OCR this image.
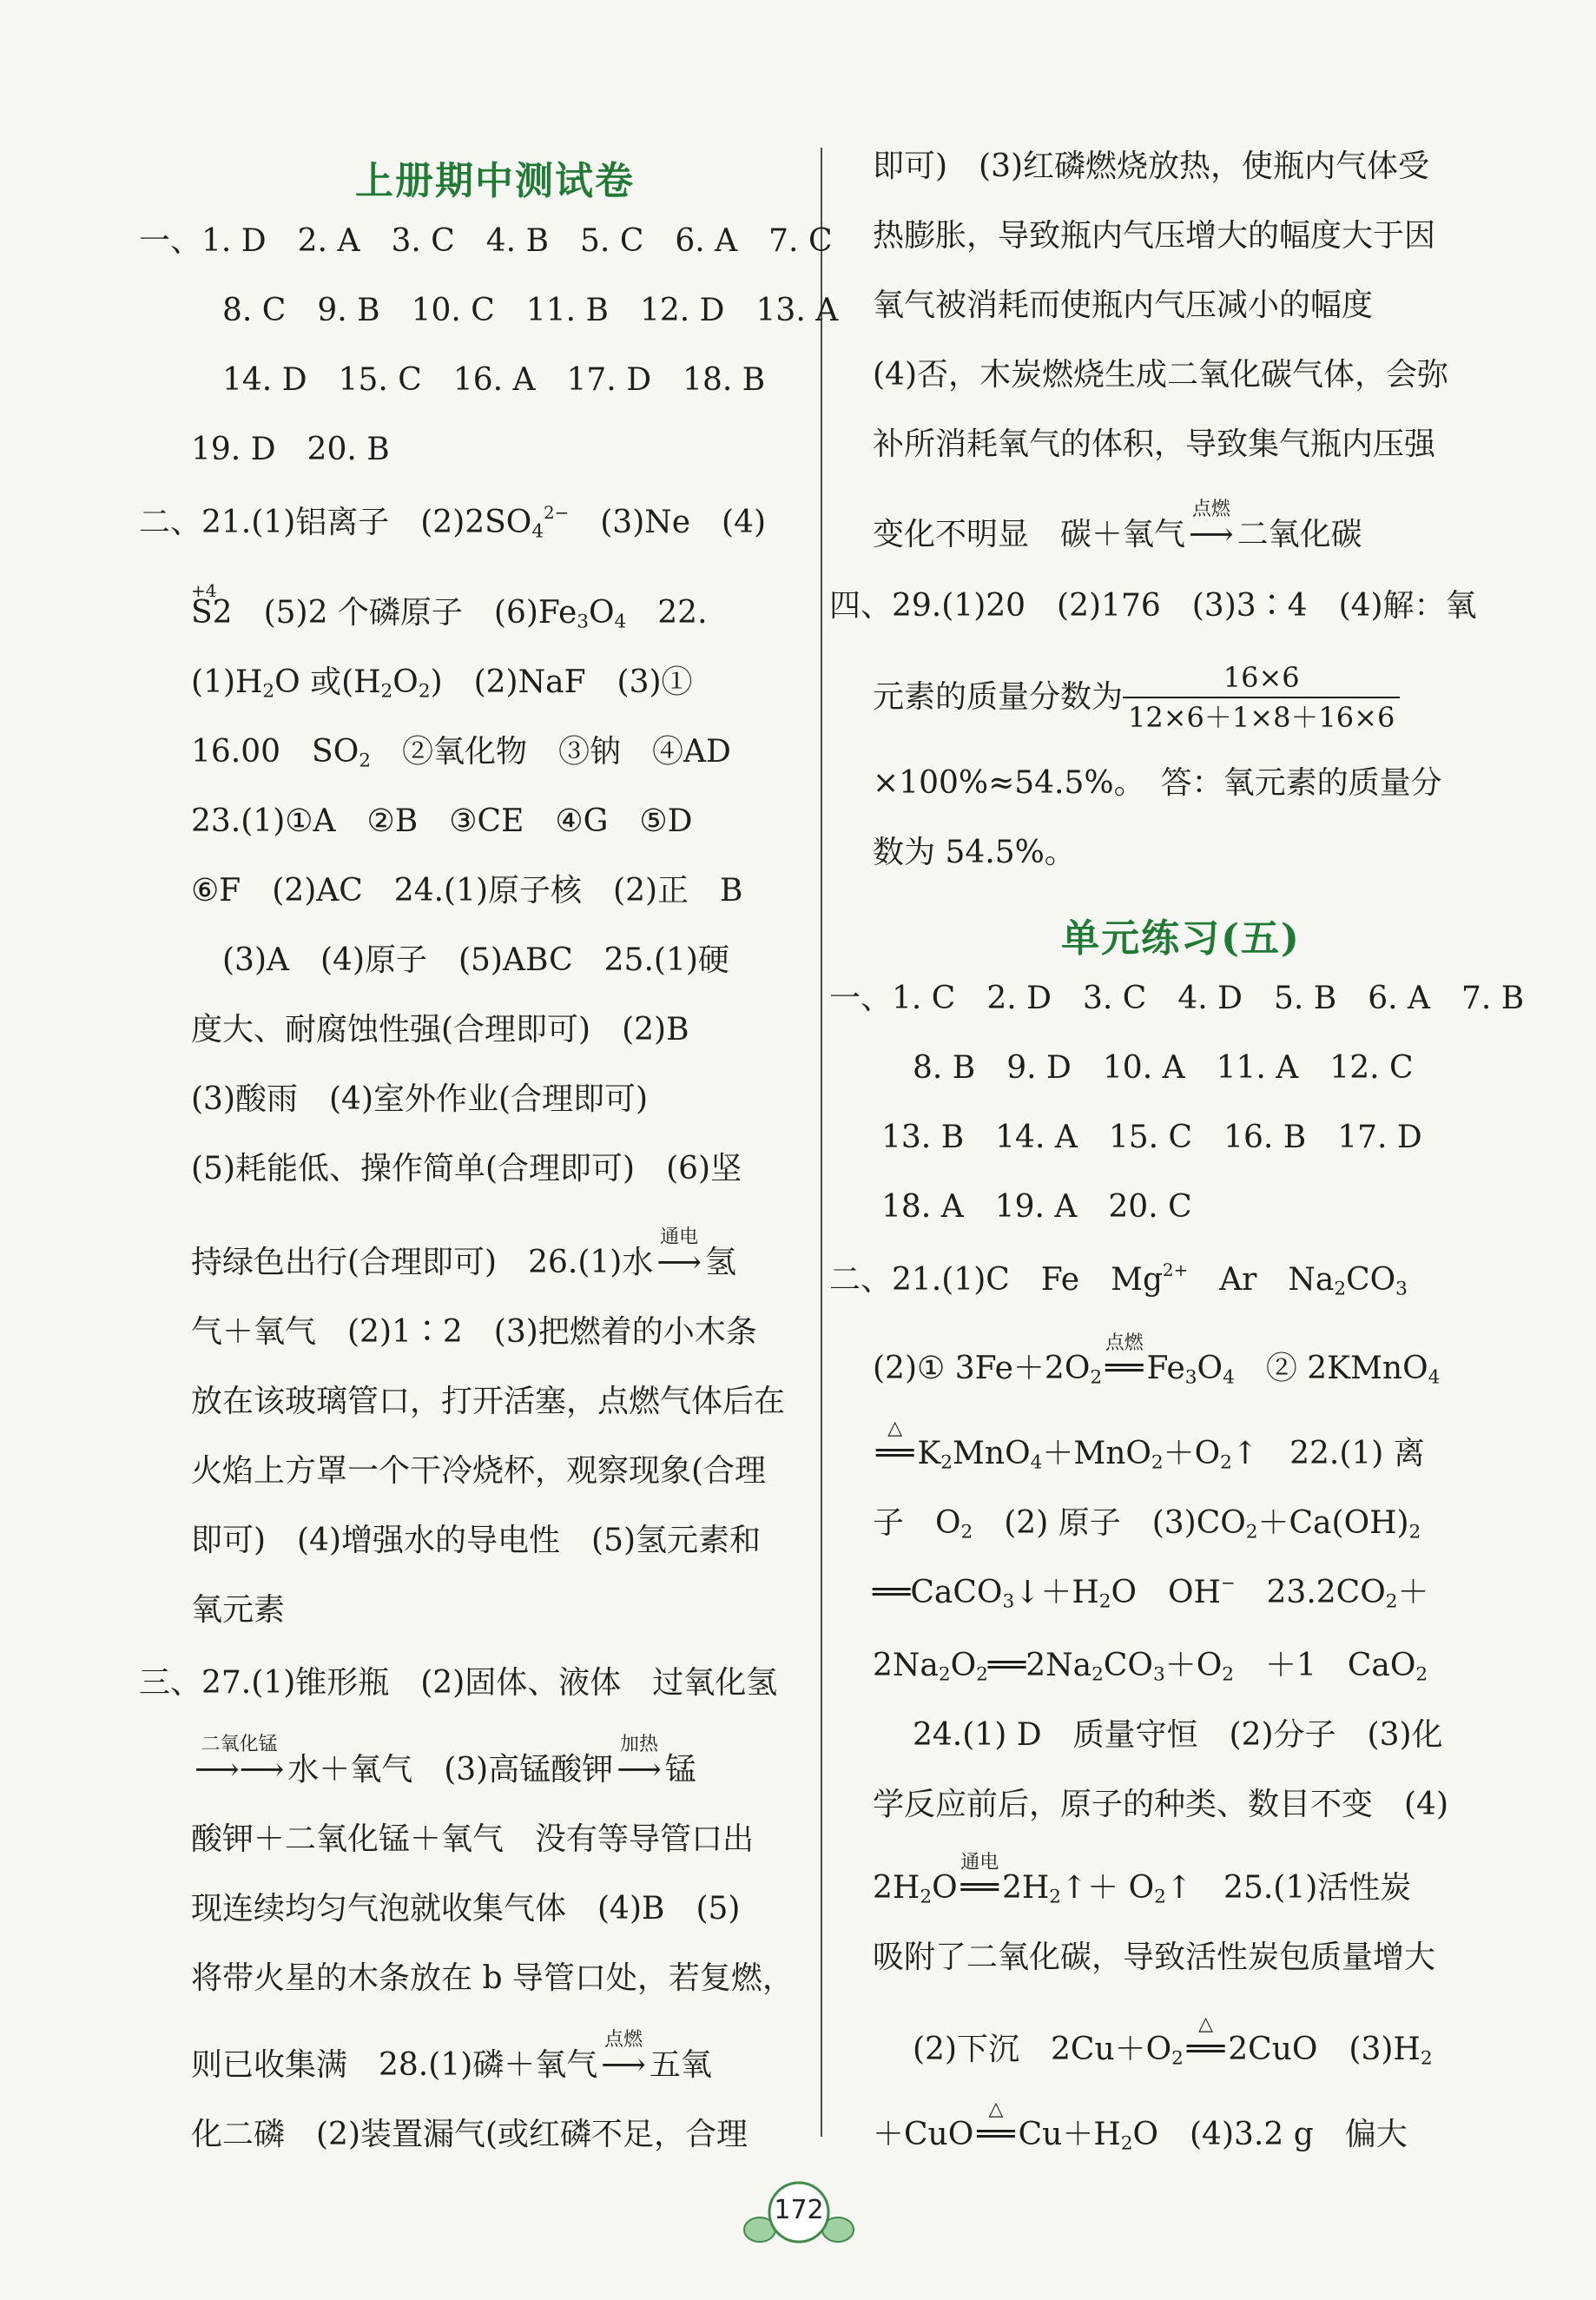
上册期中测试卷
一、1. D　2. A　3. C　4. B　5. C　6. A　7. C
8. C　9. B　10. C　11. B　12. D　13. A
14. D　15. C　16. A　17. D　18. B
19. D　20. B
二、21.(1)铝离子　$(2)2SO_4^{2-}$　(3)Ne　(4)
+4
S2　 (5)2 个磷原子　$(6)Fe_3O_4$　22.
$(1)H_2O$ 或$(H_2O_2)$　(2)NaF　(3)①
16.00　$SO_2$　②氧化物　③钠　④AD
23.(1)①A　②B　③CE　④G　⑤D
⑥F　(2)AC　24.(1)原子核　(2)正　B
(3)A　(4)原子　(5)ABC　25.(1)硬
度大、耐腐蚀性强(合理即可)　(2)B
(3)酸雨　(4)室外作业(合理即可)
(5)耗能低、操作简单(合理即可)　(6)坚
持绿色出行(合理即可)　26.(1)水
通电
⟶ 氢
气＋氧气　(2)1∶2　(3)把燃着的小木条
放在该玻璃管口，打开活塞，点燃气体后在
火焰上方罩一个干冷烧杯，观察现象(合理
即可)　(4)增强水的导电性　(5)氢元素和
氧元素
三、27.(1)锥形瓶　(2)固体、液体　过氧化氢
二氧化锰
⟶⟶ 水＋氧气　(3)高锰酸钾
加热
⟶ 锰
酸钾＋二氧化锰＋氧气　没有等导管口出
现连续均匀气泡就收集气体　(4)B　(5)
将带火星的木条放在 b 导管口处，若复燃，
则已收集满　28.(1)磷＋氧气
点燃
⟶ 五氧
化二磷　(2)装置漏气(或红磷不足，合理
即可)　(3)红磷燃烧放热，使瓶内气体受
热膨胀，导致瓶内气压增大的幅度大于因
氧气被消耗而使瓶内气压减小的幅度
(4)否，木炭燃烧生成二氧化碳气体，会弥
补所消耗氧气的体积，导致集气瓶内压强
变化不明显　碳＋氧气
点燃
⟶ 二氧化碳
四、29.(1)20　(2)176　(3)3∶4　(4)解：氧
元素的质量分数为 $\frac{16\times 6}{12\times 6+1\times 8+16\times 6}$
×100%≈54.5%。　答：氧元素的质量分
数为 54.5%。
单元练习(五)
一、1. C　2. D　3. C　4. D　5. B　6. A　7. B
8. B　9. D　10. A　11. A　12. C
13. B　14. A　15. C　16. B　17. D
18. A　19. A　20. C
二、21.(1)C　Fe　$Mg^{2+}$　Ar　$Na_2CO_3$
(2)① $3Fe+2O_2$
点燃
══ $Fe_3O_4$　② 2KMnO$_4$
△
══ $K_2MnO_4+MnO_2+O_2↑$　22.(1) 离
子　$O_2$　(2) 原子　$(3)CO_2+Ca(OH)_2$
$══CaCO_3↓+H_2O$　OH−　$23.2CO_2+$
$2Na_2O_2══2Na_2CO_3+O_2$　＋1　CaO$_2$
24.(1) D　质量守恒　(2)分子　(3)化
学反应前后，原子的种类、数目不变　(4)
$2H_2O$
通电
══ $2H_2↑+$ $O_2↑$　25.(1)活性炭
吸附了二氧化碳，导致活性炭包质量增大
(2)下沉　$2Cu+O_2$
△
══ 2CuO　$(3)H_2$
＋CuO
△
══ $Cu+H_2O$　(4)3.2 g　偏大
172
